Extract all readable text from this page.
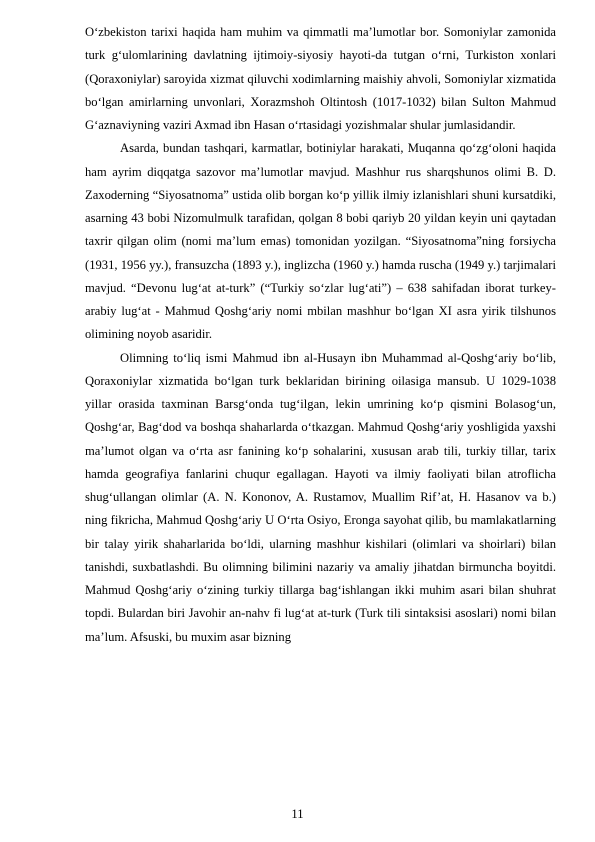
O‘zbekiston tarixi haqida ham muhim va qimmatli ma’lumotlar bor. Somoniylar zamonida turk g‘ulomlarining davlatning ijtimoiy-siyosiy hayoti-da tutgan o‘rni, Turkiston xonlari (Qoraxoniylar) saroyida xizmat qiluvchi xodimlarning maishiy ahvoli, Somoniylar xizmatida bo‘lgan amirlarning unvonlari, Xorazmshoh Oltintosh (1017-1032) bilan Sulton Mahmud G‘aznaviyning vaziri Axmad ibn Hasan o‘rtasidagi yozishmalar shular jumlasidandir.

Asarda, bundan tashqari, karmatlar, botiniylar harakati, Muqanna qo‘zg‘oloni haqida ham ayrim diqqatga sazovor ma’lumotlar mavjud. Mashhur rus sharqshunos olimi B. D. Zaxoderning “Siyosatnoma” ustida olib borgan ko‘p yillik ilmiy izlanishlari shuni kursatdiki, asarning 43 bobi Nizomulmulk tarafidan, qolgan 8 bobi qariyb 20 yildan keyin uni qaytadan taxrir qilgan olim (nomi ma’lum emas) tomonidan yozilgan. “Siyosatnoma”ning forsiycha (1931, 1956 yy.), fransuzcha (1893 y.), inglizcha (1960 y.) hamda ruscha (1949 y.) tarjimalari mavjud. “Devonu lug‘at at-turk” (“Turkiy so‘zlar lug‘ati”) – 638 sahifadan iborat turkey-arabiy lug‘at - Mahmud Qoshg‘ariy nomi mbilan mashhur bo‘lgan XI asra yirik tilshunos olimining noyob asaridir.

Olimning to‘liq ismi Mahmud ibn al-Husayn ibn Muhammad al-Qoshg‘ariy bo‘lib, Qoraxoniylar xizmatida bo‘lgan turk beklaridan birining oilasiga mansub. U 1029-1038 yillar orasida taxminan Barsg‘onda tug‘ilgan, lekin umrining ko‘p qismini Bolasog‘un, Qoshg‘ar, Bag‘dod va boshqa shaharlarda o‘tkazgan. Mahmud Qoshg‘ariy yoshligida yaxshi ma’lumot olgan va o‘rta asr fanining ko‘p sohalarini, xususan arab tili, turkiy tillar, tarix hamda geografiya fanlarini chuqur egallagan. Hayoti va ilmiy faoliyati bilan atroflicha shug‘ullangan olimlar (A. N. Kononov, A. Rustamov, Muallim Rif’at, H. Hasanov va b.) ning fikricha, Mahmud Qoshg‘ariy U O‘rta Osiyo, Eronga sayohat qilib, bu mamlakatlarning bir talay yirik shaharlarida bo‘ldi, ularning mashhur kishilari (olimlari va shoirlari) bilan tanishdi, suxbatlashdi. Bu olimning bilimini nazariy va amaliy jihatdan birmuncha boyitdi. Mahmud Qoshg‘ariy o‘zining turkiy tillarga bag‘ishlangan ikki muhim asari bilan shuhrat topdi. Bulardan biri Javohir an-nahv fi lug‘at at-turk (Turk tili sintaksisi asoslari) nomi bilan ma’lum. Afsuski, bu muxim asar bizning

11
